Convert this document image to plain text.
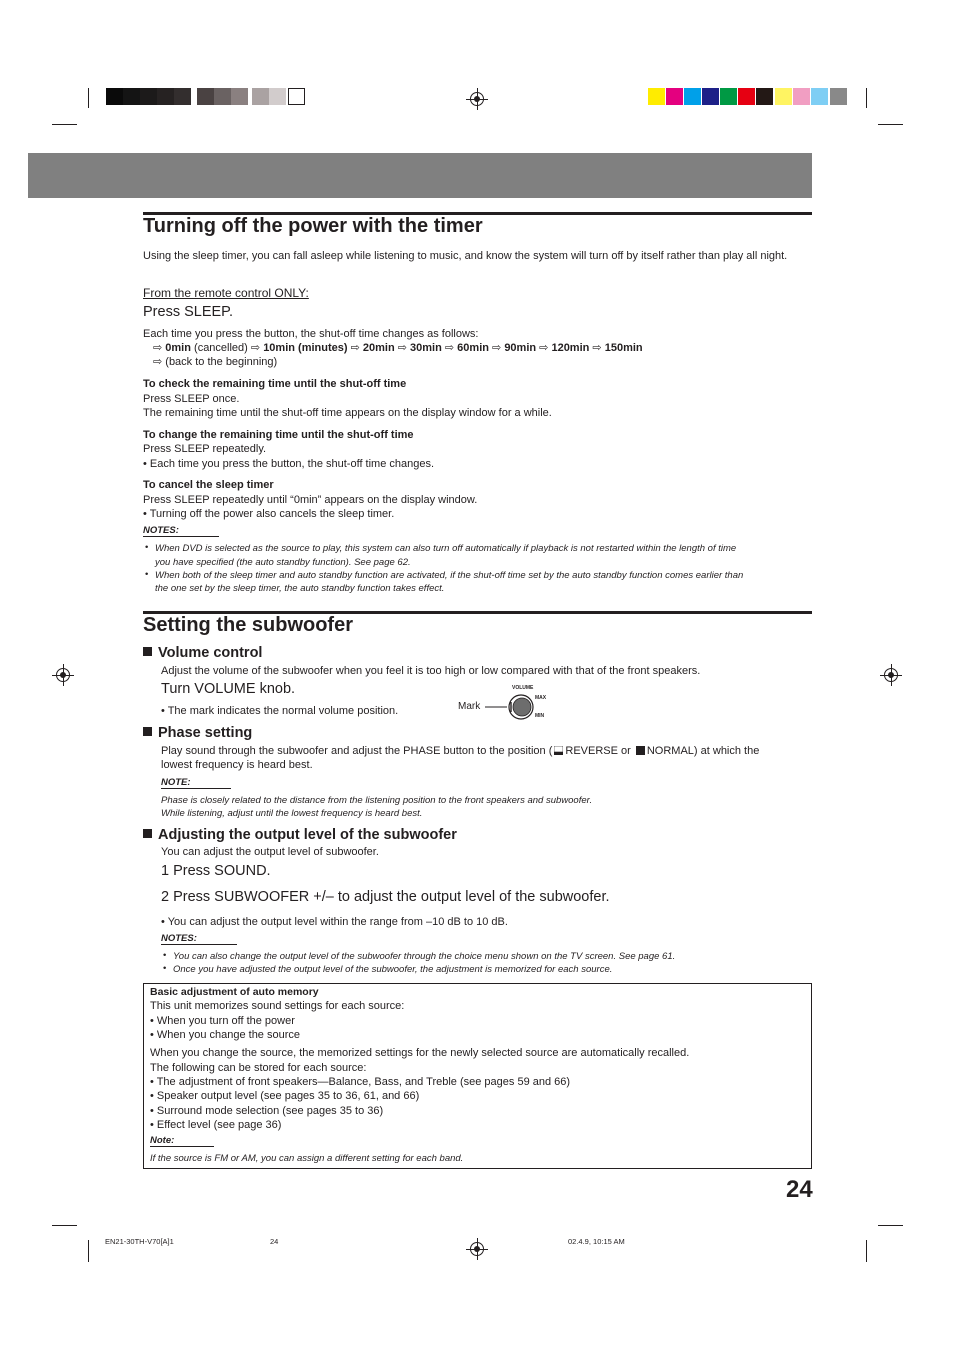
Turning off the power with the timer
Using the sleep timer, you can fall asleep while listening to music, and know the system will turn off by itself rather than play all night.
From the remote control ONLY:
Press SLEEP.
Each time you press the button, the shut-off time changes as follows:
⇨ 0min (cancelled) ⇨ 10min (minutes) ⇨ 20min ⇨ 30min ⇨ 60min ⇨ 90min ⇨ 120min ⇨ 150min
⇨ (back to the beginning)
To check the remaining time until the shut-off time
Press SLEEP once.
The remaining time until the shut-off time appears on the display window for a while.
To change the remaining time until the shut-off time
Press SLEEP repeatedly.
• Each time you press the button, the shut-off time changes.
To cancel the sleep timer
Press SLEEP repeatedly until “0min” appears on the display window.
• Turning off the power also cancels the sleep timer.
NOTES:
• When DVD is selected as the source to play, this system can also turn off automatically if playback is not restarted within the length of time
you have specified (the auto standby function). See page 62.
• When both of the sleep timer and auto standby function are activated, if the shut-off time set by the auto standby function comes earlier than
the one set by the sleep timer, the auto standby function takes effect.
Setting the subwoofer
Volume control
Adjust the volume of the subwoofer when you feel it is too high or low compared with that of the front speakers.
Turn VOLUME knob.
• The mark indicates the normal volume position.	Mark
VOLUME
MAX
MIN
Phase setting
Play sound through the subwoofer and adjust the PHASE button to the position ( REVERSE or NORMAL) at which the
lowest frequency is heard best.
NOTE:
Phase is closely related to the distance from the listening position to the front speakers and subwoofer.
While listening, adjust until the lowest frequency is heard best.
Adjusting the output level of the subwoofer
You can adjust the output level of subwoofer.
1 Press SOUND.
2 Press SUBWOOFER +/– to adjust the output level of the subwoofer.
• You can adjust the output level within the range from –10 dB to 10 dB.
NOTES:
• You can also change the output level of the subwoofer through the choice menu shown on the TV screen. See page 61.
• Once you have adjusted the output level of the subwoofer, the adjustment is memorized for each source.
Basic adjustment of auto memory
This unit memorizes sound settings for each source:
• When you turn off the power
• When you change the source
When you change the source, the memorized settings for the newly selected source are automatically recalled.
The following can be stored for each source:
• The adjustment of front speakers—Balance, Bass, and Treble (see pages 59 and 66)
• Speaker output level (see pages 35 to 36, 61, and 66)
• Surround mode selection (see pages 35 to 36)
• Effect level (see page 36)
Note:
If the source is FM or AM, you can assign a different setting for each band.
24
EN21-30TH-V70[A]1	24	02.4.9, 10:15 AM
